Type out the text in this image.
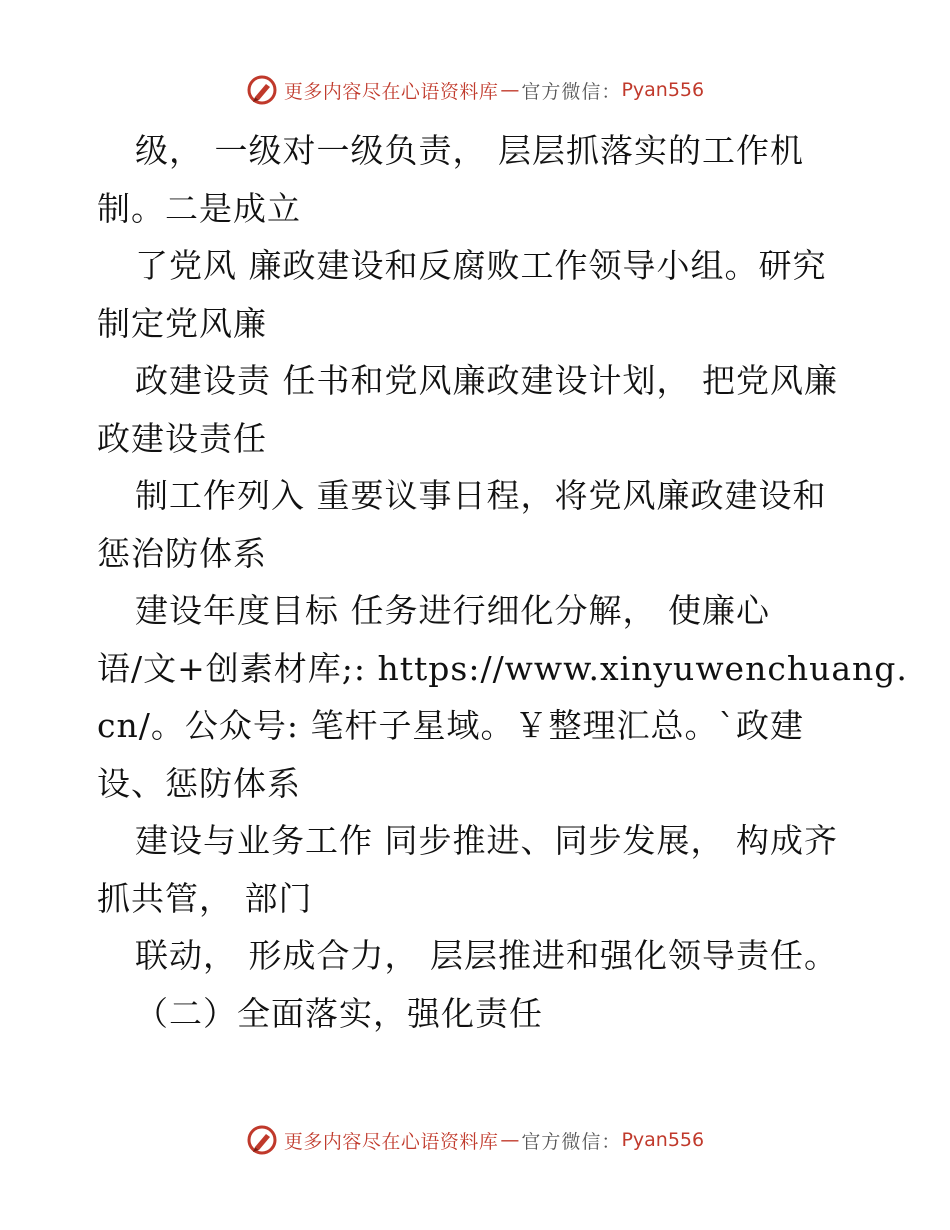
更多内容尽在心语资料库 — 官方微信： Pyan556
级， 一级对一级负责， 层层抓落实的工作机
制。二是成立
了党风 廉政建设和反腐败工作领导小组。研究
制定党风廉
政建设责 任书和党风廉政建设计划， 把党风廉
政建设责任
制工作列入 重要议事日程，将党风廉政建设和
惩治防体系
建设年度目标 任务进行细化分解， 使廉心
语/文+创素材库;: https://www.xinyuwenchuang.
cn/。公众号: 笔杆子星域。￥整理汇总。`政建
设、惩防体系
建设与业务工作 同步推进、同步发展， 构成齐
抓共管， 部门
联动， 形成合力， 层层推进和强化领导责任。
（二）全面落实，强化责任
更多内容尽在心语资料库 — 官方微信： Pyan556
